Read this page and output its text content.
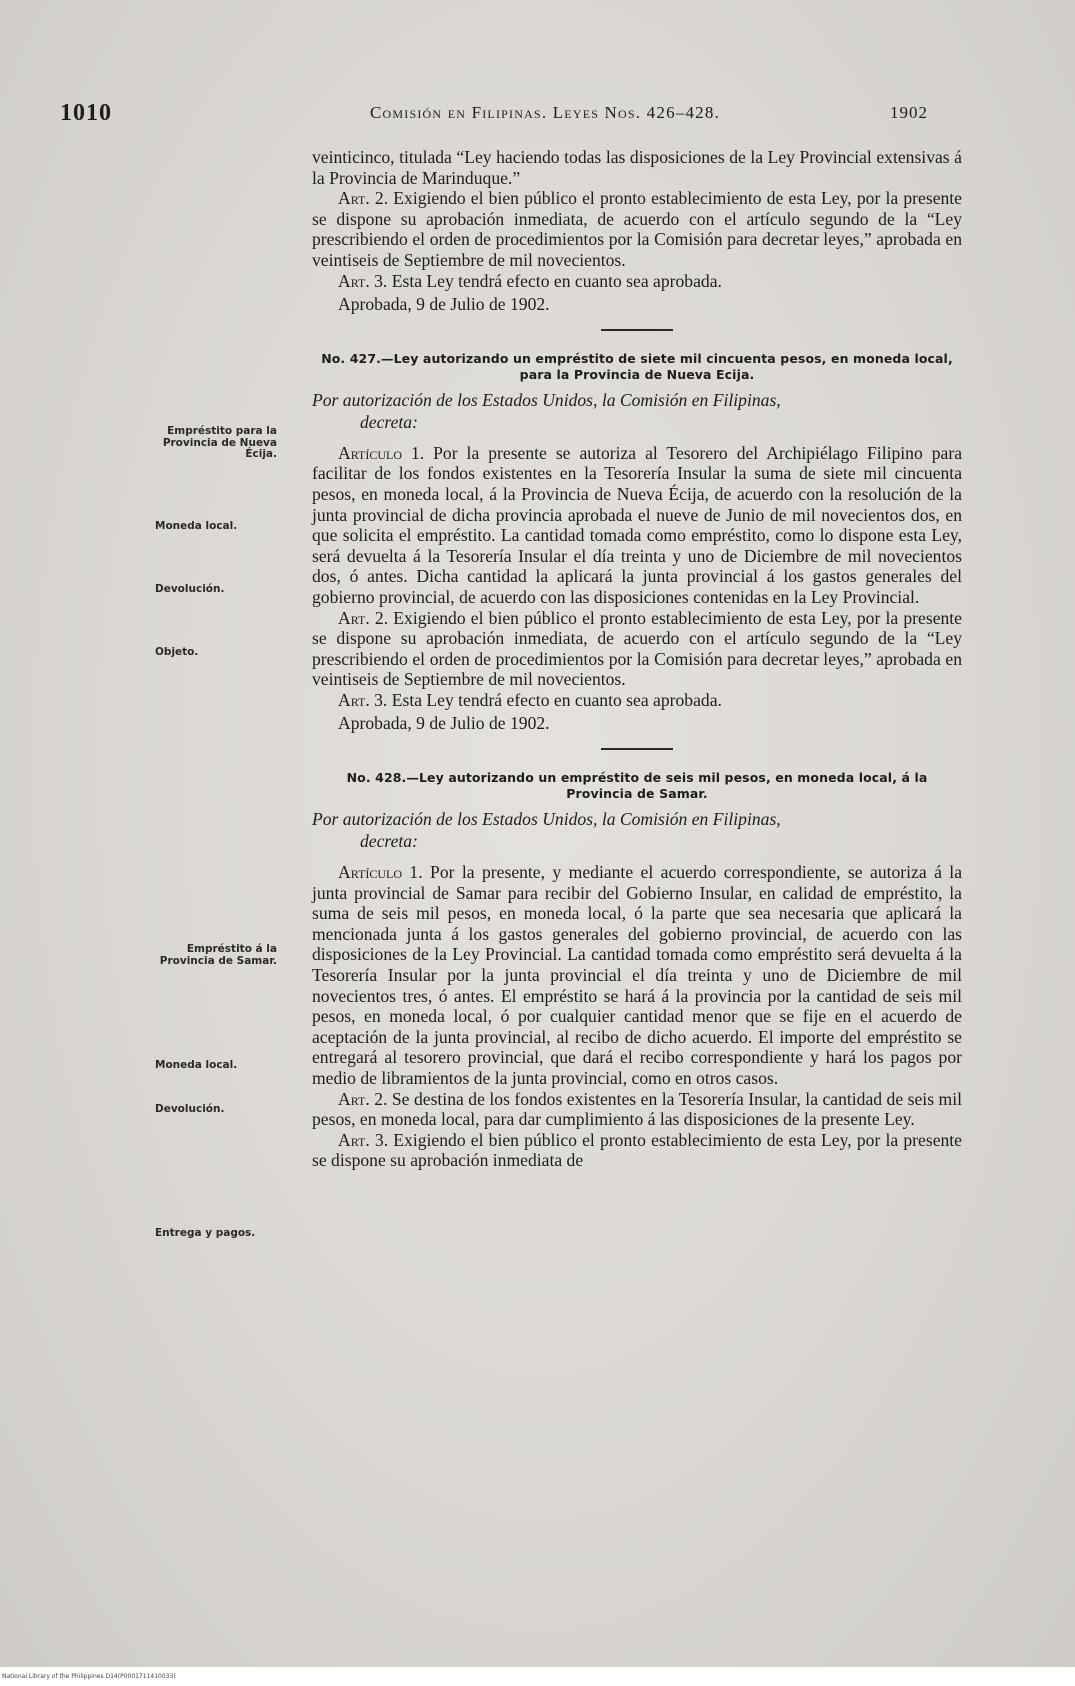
1010	Comisión en Filipinas. Leyes Nos. 426–428.	1902
Empréstito para la Provincia de Nueva Écija.
Moneda local.
Devolución.
Objeto.
Empréstito á la Provincia de Samar.
Moneda local.
Devolución.
Entrega y pagos.

veinticinco, titulada “Ley haciendo todas las disposiciones de la Ley Provincial extensivas á la Provincia de Marinduque.”

Art. 2. Exigiendo el bien público el pronto establecimiento de esta Ley, por la presente se dispone su aprobación inmediata, de acuerdo con el artículo segundo de la “Ley prescribiendo el orden de procedimientos por la Comisión para decretar leyes,” aprobada en veintiseis de Septiembre de mil novecientos.

Art. 3. Esta Ley tendrá efecto en cuanto sea aprobada.

Aprobada, 9 de Julio de 1902.

No. 427.—Ley autorizando un empréstito de siete mil cincuenta pesos, en moneda local, para la Provincia de Nueva Ecija.
Por autorización de los Estados Unidos, la Comisión en Filipinas,
decreta:

Artículo 1. Por la presente se autoriza al Tesorero del Archipiélago Filipino para facilitar de los fondos existentes en la Tesorería Insular la suma de siete mil cincuenta pesos, en moneda local, á la Provincia de Nueva Écija, de acuerdo con la resolución de la junta provincial de dicha provincia aprobada el nueve de Junio de mil novecientos dos, en que solicita el empréstito. La cantidad tomada como empréstito, como lo dispone esta Ley, será devuelta á la Tesorería Insular el día treinta y uno de Diciembre de mil novecientos dos, ó antes. Dicha cantidad la aplicará la junta provincial á los gastos generales del gobierno provincial, de acuerdo con las disposiciones contenidas en la Ley Provincial.

Art. 2. Exigiendo el bien público el pronto establecimiento de esta Ley, por la presente se dispone su aprobación inmediata, de acuerdo con el artículo segundo de la “Ley prescribiendo el orden de procedimientos por la Comisión para decretar leyes,” aprobada en veintiseis de Septiembre de mil novecientos.

Art. 3. Esta Ley tendrá efecto en cuanto sea aprobada.

Aprobada, 9 de Julio de 1902.

No. 428.—Ley autorizando un empréstito de seis mil pesos, en moneda local, á la Provincia de Samar.
Por autorización de los Estados Unidos, la Comisión en Filipinas,
decreta:

Artículo 1. Por la presente, y mediante el acuerdo correspondiente, se autoriza á la junta provincial de Samar para recibir del Gobierno Insular, en calidad de empréstito, la suma de seis mil pesos, en moneda local, ó la parte que sea necesaria que aplicará la mencionada junta á los gastos generales del gobierno provincial, de acuerdo con las disposiciones de la Ley Provincial. La cantidad tomada como empréstito será devuelta á la Tesorería Insular por la junta provincial el día treinta y uno de Diciembre de mil novecientos tres, ó antes. El empréstito se hará á la provincia por la cantidad de seis mil pesos, en moneda local, ó por cualquier cantidad menor que se fije en el acuerdo de aceptación de la junta provincial, al recibo de dicho acuerdo. El importe del empréstito se entregará al tesorero provincial, que dará el recibo correspondiente y hará los pagos por medio de libramientos de la junta provincial, como en otros casos.

Art. 2. Se destina de los fondos existentes en la Tesorería Insular, la cantidad de seis mil pesos, en moneda local, para dar cumplimiento á las disposiciones de la presente Ley.

Art. 3. Exigiendo el bien público el pronto establecimiento de esta Ley, por la presente se dispone su aprobación inmediata de

National Library of the Philippines D14(P0001711410033)
